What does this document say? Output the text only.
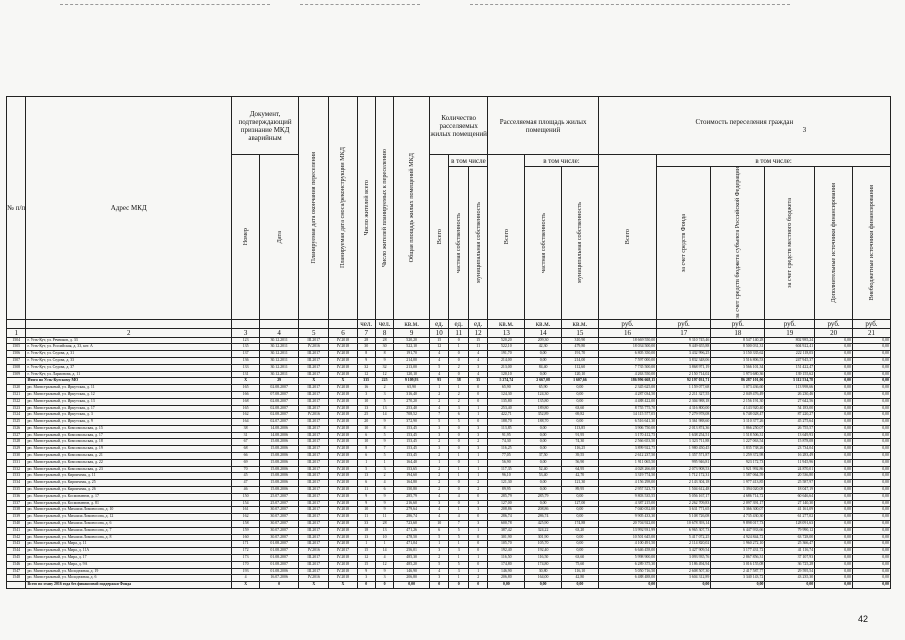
№ п/п	Адрес МКД	Документ, подтверждающий признание МКД аварийным		Планируемая дата окончания переселения	Планируемая дата сноса/реконструкции МКД	Число жителей всего	Число жителей планируемых к переселению	Общая площадь жилых помещений МКД	Количество расселяемых жилых помещений			Расселяемая площадь жилых помещений			Стоимость переселения граждан
3					

		Номер	Дата						Всего	в том числе		Всего	в том числе:		Всего	в том числе:				

										частная собственность	муниципальная собственность		частная собственность	муниципальная собственность		за счет средств Фонда	за счет средств бюджета субъекта Российской Федерации	за счет средств местного бюджета	Дополнительные источники финансирования	Внебюджетные источники финансирования

						чел.	чел.	кв.м.	ед.	ед.	ед.	кв.м.	кв.м.	кв.м.	руб.	руб.	руб.	руб.	руб.	руб.
1	2	3	4	5	6	7	8	9	10	11	12	13	14	15	16	17	18	19	20	21
1504	г. Усть-Кут, ул. Речников, д. 33	123	30.12.2011	III.2017	IV.2018	28	28	520,20	15	0	15	520,20	209,30	310,90	18 669 550,00	9 310 745,46	8 547 140,28	802 985,24	0,00	0,00
1505	г. Усть-Кут, ул. Российская, д. 33, кот. А	135	30.12.2011	IV.2016	IV.2018	30	30	522,10	12	1	11	522,10	42,30	479,80	18 034 500,00	9 449 655,88	8 500 031,31	604 922,41	0,00	0,00
1506	г. Усть-Кут, ул. Седова, д. 31	137	30.12.2011	III.2017	IV.2018	8	8	191,70	4	0	4	191,70	0,00	191,70	6 805 350,00	3 432 996,25	3 150 335,62	222 118,03	0,00	0,00
1507	г. Усть-Кут, ул. Седова, д. 33	136	30.12.2011	III.2017	IV.2018	9	9	214,00	4	0	4	214,00	0,00	214,00	7 597 000,00	3 832 348,06	3 516 806,53	247 945,37	0,00	0,00
1508	г. Усть-Кут, ул. Седова, д. 37	133	30.12.2011	III.2017	IV.2018	32	32	213,00	5	2	3	213,00	84,40	112,60	7 735 500,00	3 868 971,19	3 566 101,34	151 422,47	0,00	0,00
1509	г. Усть-Кут, ул. Ларионова, д. 11	131	30.12.2011	III.2017	IV.2018	12	12	120,10	4	0	4	120,10	0,00	120,10	4 263 550,00	2 150 714,02	1 973 680,36	139 155,62	0,00	0,00
	Итого по Усть-Кутскому МО	X	29	X	X	335	225	9 109,93	95	38	35	5 274,74	2 667,08	1 607,66	186 996 668,15	92 197 031,71	86 287 101,06	3 112 534,78	0,00	0,00
1520	рп. Магистральный, ул. Иркутская, д. 11	165	02.08.2007	III.2017	IV.2018	16	2	65,90	1	1	0	65,90	65,90	0,00	2 345 625,00	1 159 077,68	1 073 436,60	113 998,66	0,00	0,00
1521	рп. Магистральный, ул. Иркутская, д. 12	166	07.08.2007	III.2017	IV.2018	3	3	316,40	2	2	0	124,30	124,30	0,00	4 287 034,50	2 211 327,55	2 049 476,49	26 230,46	0,00	0,00
1522	рп. Магистральный, ул. Иркутская, д. 13	168	02.08.2007	III.2017	IV.2018	10	5	270,20	2	2	0	135,80	135,80	0,00	4 488 422,00	2 304 988,18	2 156 191,30	27 642,56	0,00	0,00
1523	рп. Магистральный, ул. Иркутская, д. 17	165	02.08.2007	III.2017	IV.2018	13	13	253,40	4	3	1	253,40	189,80	63,60	8 755 775,70	4 316 800,00	4 143 920,40	54 183,00	0,00	0,00
1524	рп. Магистральный, ул. Иркутская, д. 3	162	02.08.2007	IV.2016	IV.2018	25	14	708,52	7	6	1	422,71	352,89	69,82	14 115 577,05	7 279 978,08	6 748 028,47	87 220,27	0,00	0,00
1525	рп. Магистральный, ул. Иркутская, д. 9	164	02.07.2007	III.2017	IV.2018	20	9	372,90	5	5	0	188,70	188,70	0,00	6 516 641,30	3 361 988,60	3 110 377,26	45 275,64	0,00	0,00
1526	рп. Магистральный, ул. Комсомольская, д. 15	38	14.08.2006	III.2017	IV.2018	10	8	153,45	3	0	3	113,85	0,00	113,85	3 906 750,00	2 013 874,36	1 866 250,07	26 755,57	0,00	0,00
1527	рп. Магистральный, ул. Комсомольская, д. 17	31	14.08.2006	III.2017	IV.2018	6	5	153,45	3	0	3	91,95	0,00	91,95	3 170 412,75	1 638 254,51	1 518 506,31	13 649,93	0,00	0,00
1528	рп. Магистральный, ул. Комсомольская, д. 18	67	15.08.2006	III.2017	IV.2018	10	9	153,45	2	0	2	74,30	0,00	74,30	2 566 653,50	1 323 711,88	1 227 063,54	15 878,08	0,00	0,00
1529	рп. Магистральный, ул. Комсомольская, д. 19	68	15.08.2006	III.2017	IV.2018	8	7	153,45	3	0	3	116,25	0,00	116,25	3 899 922,75	1 980 450,45	1 835 738,26	23 734,04	0,00	0,00
1530	рп. Магистральный, ул. Комсомольская, д. 21	66	15.08.2006	III.2017	IV.2018	6	5	153,45	2	1	1	77,05	37,50	39,55	2 612 237,50	1 357 571,87	1 259 372,98	16 283,49	0,00	0,00
1531	рп. Магистральный, ул. Комсомольская, д. 22	69	15.08.2006	III.2017	IV.2018	1	1	164,40	1	0	1	56,90	0,00	56,90	1 911 065,50	995 946,81	923 172,73	11 945,96	0,00	0,00
1532	рп. Магистральный, ул. Комсомольская, д. 23	70	15.08.2006	III.2017	IV.2018	5	3	153,65	2	1	1	117,35	52,40	64,95	4 028 266,00	2 073 908,53	1 921 992,86	24 870,01	0,00	0,00
1533	рп. Магистральный, ул. Кирпичная, д. 11	45	15.08.2006	III.2017	IV.2018	13	2	194,60	2	1	1	96,10	53,40	42,70	3 319 774,50	1 712 172,31	1 587 064,59	20 536,80	0,00	0,00
1534	рп. Магистральный, ул. Кирпичная, д. 25	47	15.08.2006	III.2017	IV.2018	6	4	164,80	2	0	2	121,30	0,00	121,30	4 156 298,00	2 143 304,18	1 977 413,85	25 587,97	0,00	0,00
1535	рп. Магистральный, ул. Кирпичная, д. 26	46	15.08.2006	III.2017	IV.2018	11	6	150,80	2	0	2	89,95	0,00	89,95	2 957 523,75	1 504 612,48	1 394 020,08	18 047,19	0,00	0,00
1536	рп. Магистральный, ул. Космонавтов, д. 17	150	25.07.2007	III.2017	IV.2018	9	9	285,79	4	4	0	285,79	285,79	0,00	9 803 535,55	5 056 167,17	4 686 714,72	60 646,64	0,00	0,00
1537	рп. Магистральный, ул. Космонавтов, д. 81	154	25.07.2007	III.2017	IV.2018	9	9	216,60	3	0	3	127,00	0,00	127,00	4 387 215,00	2 262 709,83	2 097 391,17	27 140,30	0,00	0,00
1538	рп. Магистральный, ул. Михаила Ломоносова, д. 10	161	30.07.2007	III.2017	IV.2018	10	9	279,64	4	1	3	208,86	208,86	0,00	7 040 052,00	3 631 771,65	3 366 300,07	41 161,09	0,00	0,00
1539	рп. Магистральный, ул. Михаила Ломоносова, д. 12	162	30.07.2007	III.2017	IV.2018	11	11	286,74	4	4	0	286,74	286,74	0,00	9 905 433,30	5 108 726,08	4 735 430,30	61 277,02	0,00	0,00
1540	рп. Магистральный, ул. Михаила Ломоносова, д. 6	158	30.07.2007	III.2017	IV.2018	33	28	723,60	10	7	3	600,78	425,90	174,88	20 704 922,00	10 678 393,14	9 898 017,73	128 091,63	0,00	0,00
1541	рп. Магистральный, ул. Михаила Ломоносова, д. 7	159	30.07.2007	III.2017	IV.2018	18	13	471,26	6	5	1	387,42	324,22	63,20	13 992 931,99	6 965 307,73	6 447 933,66	79 990,12	0,00	0,00
1542	рп. Магистральный, ул. Михаила Ломоносова, д. 8	160	30.07.2007	III.2017	IV.2018	13	10	478,50	5	5	0	301,90	301,90	0,00	10 501 645,00	5 417 072,25	4 924 844,72	63 728,00	0,00	0,00
1543	рп. Магистральный, ул. Мира, д. 11	171	01.08.2007	III.2017	IV.2018	1	1	471,04	1	1	0	105,70	105,70	0,00	4 100 491,50	2 114 820,02	1 960 272,10	25 366,47	0,00	0,00
1544	рп. Магистральный, ул. Мира, д. 11А	172	01.08.2007	IV.2016	IV.2017	15	14	256,01	3	3	0	192,40	192,40	0,00	6 646 458,00	3 427 909,54	3 177 431,72	41 116,74	0,00	0,00
1545	рп. Магистральный, ул. Мира, д. 17	173	01.08.2007	III.2017	IV.2018	12	4	485,30	2	1	1	116,50	116,50	63,60	5 998 900,00	3 093 935,76	2 867 856,31	37 107,93	0,00	0,00
1546	рп. Магистральный, ул. Мира, д. 9А	170	01.08.2007	III.2017	IV.2018	15	12	485,20	5	5	0	174,80	174,80	75,60	6 289 375,30	3 186 494,94	3 016 155,08	36 725,28	0,00	0,00
1547	рп. Магистральный, ул. Молодежная, д. 19	193	01.08.2006	III.2017	IV.2018	9	9	146,90	4	3	1	146,90	30,80	116,10	5 050 716,50	2 608 507,30	2 417 587,77	29 595,54	0,00	0,00
1548	рп. Магистральный, ул. Молодежная, д. 6	4	16.07.2006	IV.2016	IV.2018	3	3	206,80	3	1	2	206,80	164,00	42,80	6 488 488,00	3 604 312,89	3 340 143,72	43 235,30	0,00	0,00
	Всего по этапу 2016 года без финансовой поддержки Фонда	X	0	X	X	0	0	0,00	0	0	0	0,00	0,00	0,00	0,00	0,00	0,00	0,00	0,00	0,00
42
